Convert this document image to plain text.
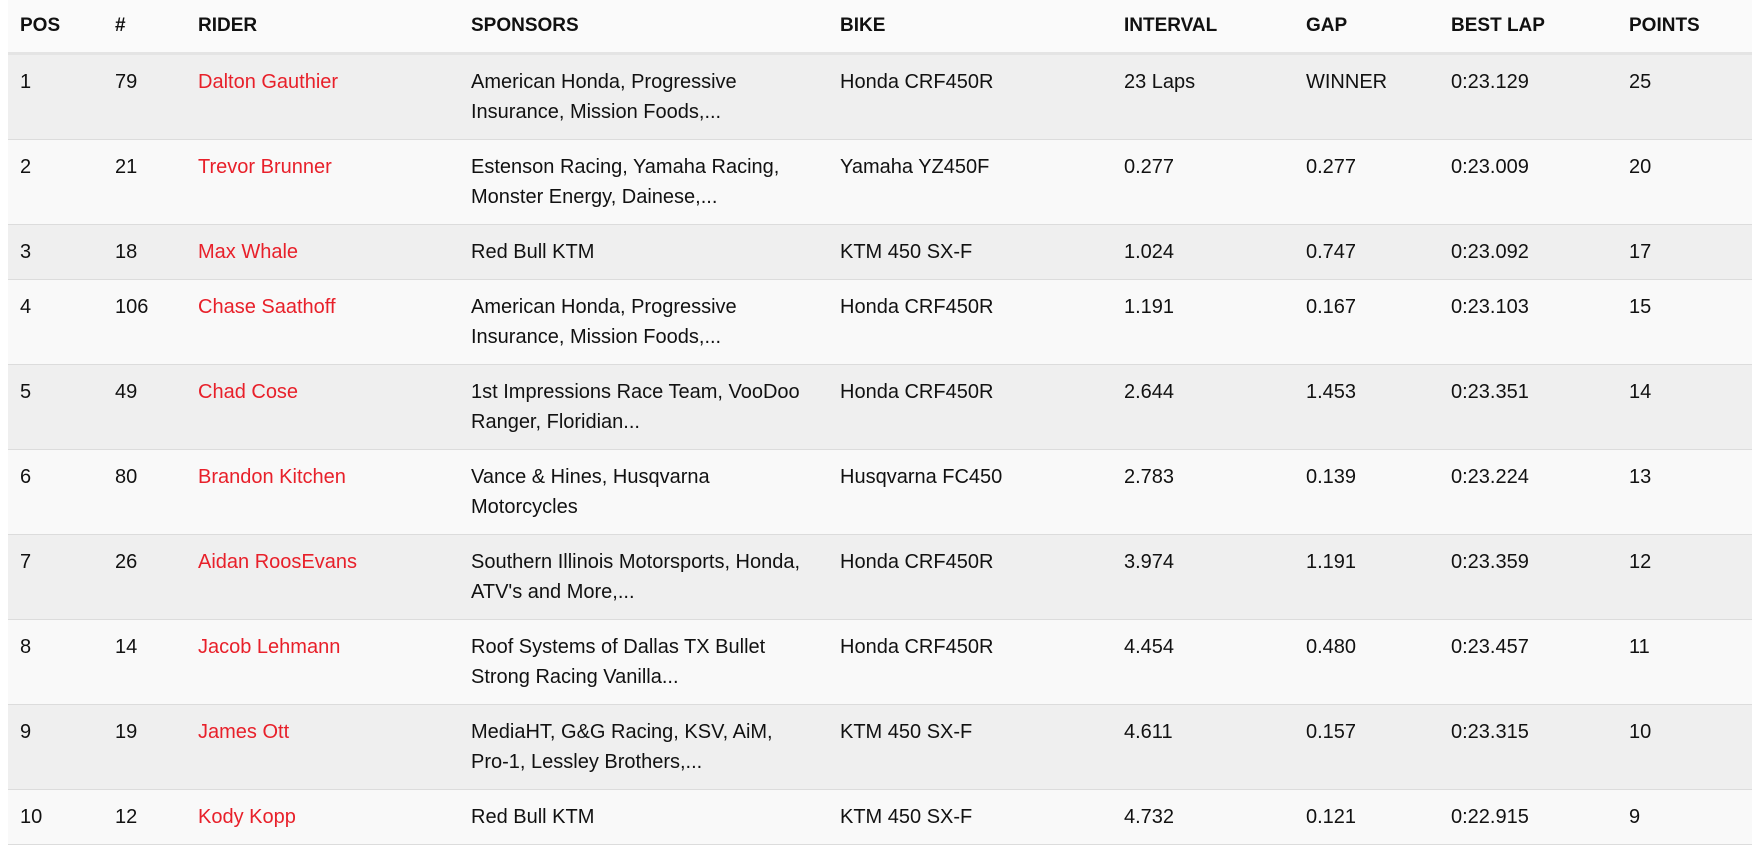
POS	#	RIDER	SPONSORS	BIKE	INTERVAL	GAP	BEST LAP	POINTS
1	79	Dalton Gauthier	American Honda, Progressive Insurance, Mission Foods,...	Honda CRF450R	23 Laps	WINNER	0:23.129	25
2	21	Trevor Brunner	Estenson Racing, Yamaha Racing, Monster Energy, Dainese,...	Yamaha YZ450F	0.277	0.277	0:23.009	20
3	18	Max Whale	Red Bull KTM	KTM 450 SX-F	1.024	0.747	0:23.092	17
4	106	Chase Saathoff	American Honda, Progressive Insurance, Mission Foods,...	Honda CRF450R	1.191	0.167	0:23.103	15
5	49	Chad Cose	1st Impressions Race Team, VooDoo Ranger, Floridian...	Honda CRF450R	2.644	1.453	0:23.351	14
6	80	Brandon Kitchen	Vance & Hines, Husqvarna Motorcycles	Husqvarna FC450	2.783	0.139	0:23.224	13
7	26	Aidan RoosEvans	Southern Illinois Motorsports, Honda, ATV's and More,...	Honda CRF450R	3.974	1.191	0:23.359	12
8	14	Jacob Lehmann	Roof Systems of Dallas TX Bullet Strong Racing Vanilla...	Honda CRF450R	4.454	0.480	0:23.457	11
9	19	James Ott	MediaHT, G&G Racing, KSV, AiM, Pro-1, Lessley Brothers,...	KTM 450 SX-F	4.611	0.157	0:23.315	10
10	12	Kody Kopp	Red Bull KTM	KTM 450 SX-F	4.732	0.121	0:22.915	9
